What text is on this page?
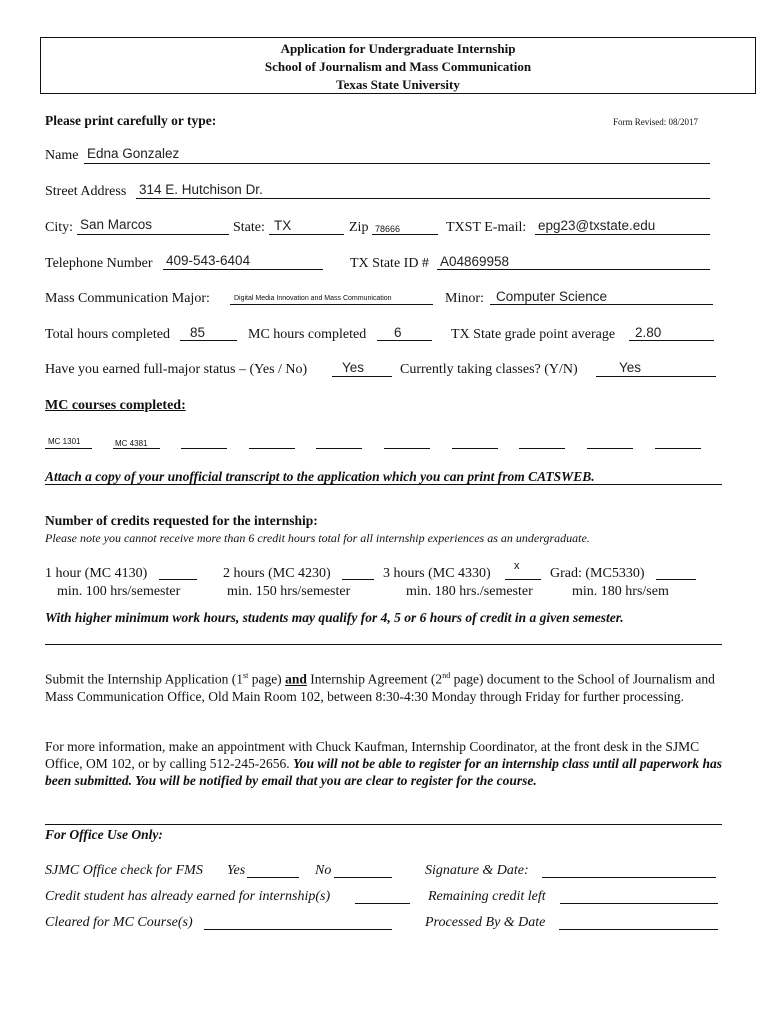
Application for Undergraduate Internship
School of Journalism and Mass Communication
Texas State University
Please print carefully or type:	Form Revised: 08/2017
Name Edna Gonzalez
Street Address 314 E. Hutchison Dr.
City: San Marcos	State: TX	Zip 78666	TXST E-mail: epg23@txstate.edu
Telephone Number 409-543-6404	TX State ID # A04869958
Mass Communication Major:	Digital Media Innovation and Mass Communication	Minor: Computer Science
Total hours completed 85	MC hours completed 6	TX State grade point average 2.80
Have you earned full-major status – (Yes / No)	Yes	Currently taking classes? (Y/N)	Yes
MC courses completed:
MC 1301	MC 4381
Attach a copy of your unofficial transcript to the application which you can print from CATSWEB.
Number of credits requested for the internship:
Please note you cannot receive more than 6 credit hours total for all internship experiences as an undergraduate.
1 hour (MC 4130)	2 hours (MC 4230)	3 hours (MC 4330) x Grad: (MC5330)
min. 100 hrs/semester	min. 150 hrs/semester	min. 180 hrs./semester	min. 180 hrs/sem
With higher minimum work hours, students may qualify for 4, 5 or 6 hours of credit in a given semester.
Submit the Internship Application (1st page) and Internship Agreement (2nd page) document to the School of Journalism and Mass Communication Office, Old Main Room 102, between 8:30-4:30 Monday through Friday for further processing.
For more information, make an appointment with Chuck Kaufman, Internship Coordinator, at the front desk in the SJMC Office, OM 102, or by calling 512-245-2656. You will not be able to register for an internship class until all paperwork has been submitted. You will be notified by email that you are clear to register for the course.
For Office Use Only:
SJMC Office check for FMS Yes	No	Signature & Date:
Credit student has already earned for internship(s)	Remaining credit left
Cleared for MC Course(s)	Processed By & Date
